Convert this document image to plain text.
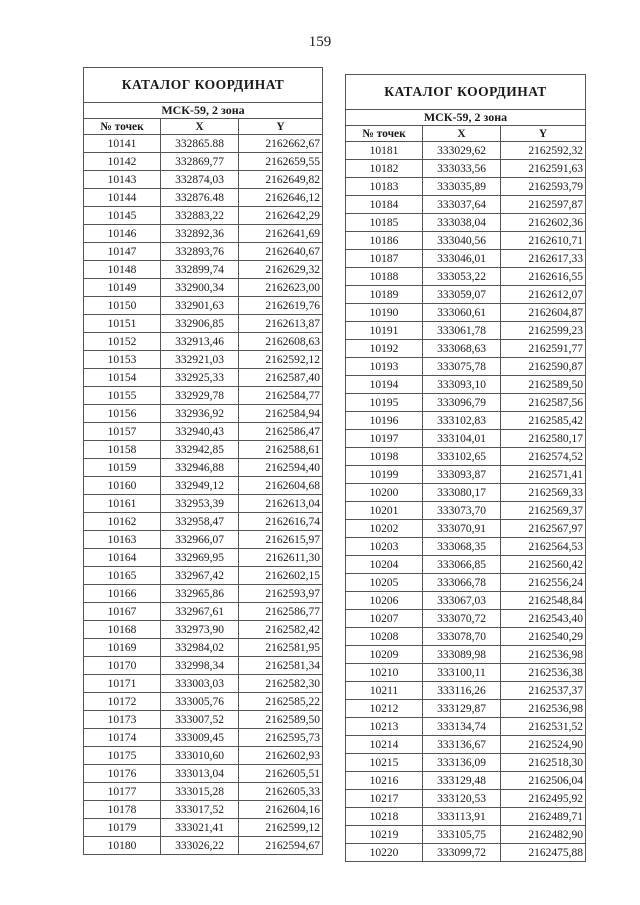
159
КАТАЛОГ КООРДИНАТ		
МСК-59, 2 зона		
№ точек	X	Y
10141	332865.88	2162662,67
10142	332869,77	2162659,55
10143	332874,03	2162649,82
10144	332876.48	2162646,12
10145	332883,22	2162642,29
10146	332892,36	2162641,69
10147	332893,76	2162640,67
10148	332899,74	2162629,32
10149	332900,34	2162623,00
10150	332901,63	2162619,76
10151	332906,85	2162613,87
10152	332913,46	2162608,63
10153	332921,03	2162592,12
10154	332925,33	2162587,40
10155	332929,78	2162584,77
10156	332936,92	2162584,94
10157	332940,43	2162586,47
10158	332942,85	2162588,61
10159	332946,88	2162594,40
10160	332949,12	2162604,68
10161	332953,39	2162613,04
10162	332958,47	2162616,74
10163	332966,07	2162615,97
10164	332969,95	2162611,30
10165	332967,42	2162602,15
10166	332965,86	2162593,97
10167	332967,61	2162586,77
10168	332973,90	2162582,42
10169	332984,02	2162581,95
10170	332998,34	2162581,34
10171	333003,03	2162582,30
10172	333005,76	2162585,22
10173	333007,52	2162589,50
10174	333009,45	2162595,73
10175	333010,60	2162602,93
10176	333013,04	2162605,51
10177	333015,28	2162605,33
10178	333017,52	2162604,16
10179	333021,41	2162599,12
10180	333026,22	2162594,67
КАТАЛОГ КООРДИНАТ		
МСК-59, 2 зона		
№ точек	X	Y
10181	333029,62	2162592,32
10182	333033,56	2162591,63
10183	333035,89	2162593,79
10184	333037,64	2162597,87
10185	333038,04	2162602,36
10186	333040,56	2162610,71
10187	333046,01	2162617,33
10188	333053,22	2162616,55
10189	333059,07	2162612,07
10190	333060,61	2162604,87
10191	333061,78	2162599,23
10192	333068,63	2162591,77
10193	333075,78	2162590,87
10194	333093,10	2162589,50
10195	333096,79	2162587,56
10196	333102,83	2162585,42
10197	333104,01	2162580,17
10198	333102,65	2162574,52
10199	333093,87	2162571,41
10200	333080,17	2162569,33
10201	333073,70	2162569,37
10202	333070,91	2162567,97
10203	333068,35	2162564,53
10204	333066,85	2162560,42
10205	333066,78	2162556,24
10206	333067,03	2162548,84
10207	333070,72	2162543,40
10208	333078,70	2162540,29
10209	333089,98	2162536,98
10210	333100,11	2162536,38
10211	333116,26	2162537,37
10212	333129,87	2162536,98
10213	333134,74	2162531,52
10214	333136,67	2162524,90
10215	333136,09	2162518,30
10216	333129,48	2162506,04
10217	333120,53	2162495,92
10218	333113,91	2162489,71
10219	333105,75	2162482,90
10220	333099,72	2162475,88
